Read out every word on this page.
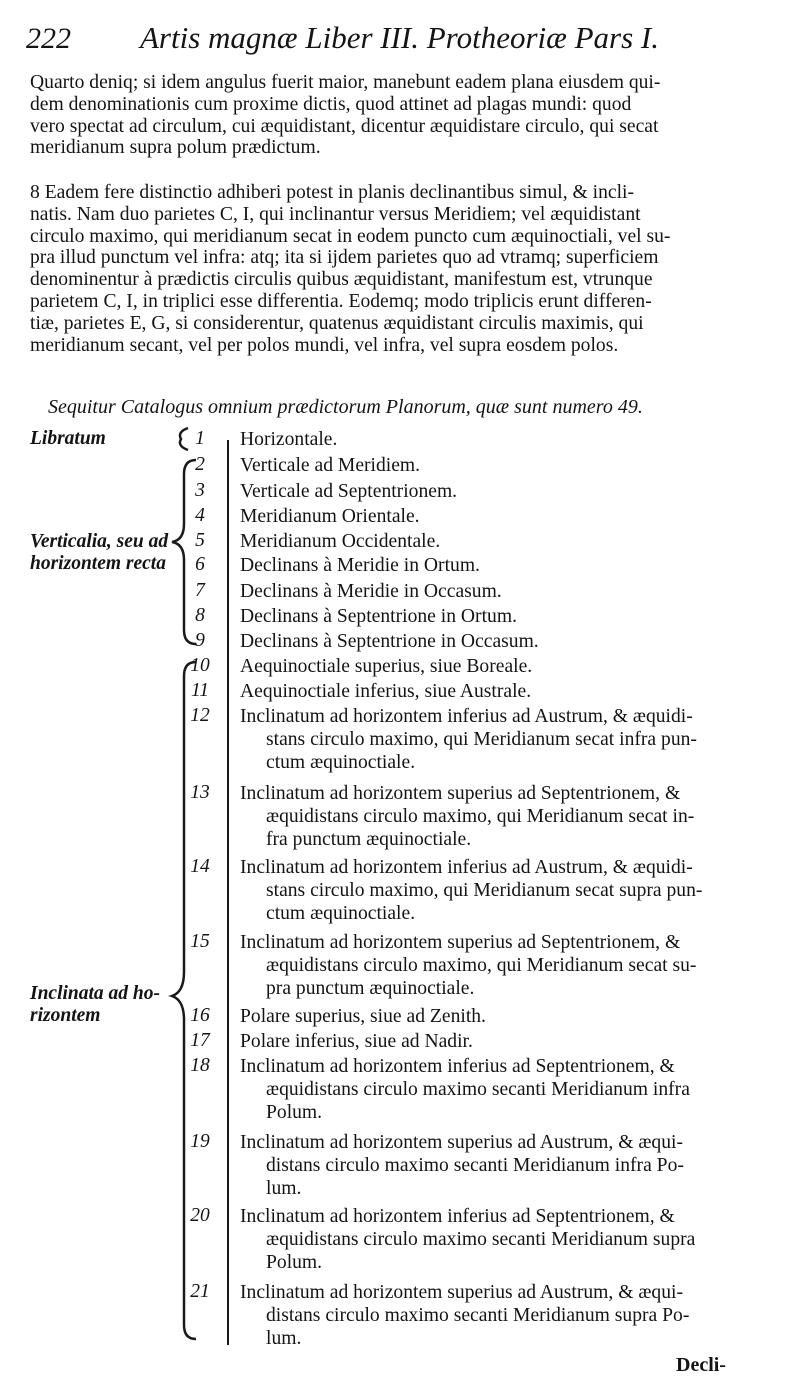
222 Artis magnæ Liber III. Protheoriæ Pars I.
Quarto deniq; si idem angulus fuerit maior, manebunt eadem plana eiusdem qui-
dem denominationis cum proxime dictis, quod attinet ad plagas mundi: quod
vero spectat ad circulum, cui æquidistant, dicentur æquidistare circulo, qui secat
meridianum supra polum prædictum.
8 Eadem fere distinctio adhiberi potest in planis declinantibus simul, & incli-
natis. Nam duo parietes C, I, qui inclinantur versus Meridiem; vel æquidistant
circulo maximo, qui meridianum secat in eodem puncto cum æquinoctiali, vel su-
pra illud punctum vel infra: atq; ita si ijdem parietes quo ad vtramq; superficiem
denominentur à prædictis circulis quibus æquidistant, manifestum est, vtrunque
parietem C, I, in triplici esse differentia. Eodemq; modo triplicis erunt differen-
tiæ, parietes E, G, si considerentur, quatenus æquidistant circulis maximis, qui
meridianum secant, vel per polos mundi, vel infra, vel supra eosdem polos.
Sequitur Catalogus omnium prædictorum Planorum, quæ sunt numero 49.
Libratum
Verticalia, seu ad
horizontem recta
Inclinata ad ho-
rizontem
1	Horizontale.
2	Verticale ad Meridiem.
3	Verticale ad Septentrionem.
4	Meridianum Orientale.
5	Meridianum Occidentale.
6	Declinans à Meridie in Ortum.
7	Declinans à Meridie in Occasum.
8	Declinans à Septentrione in Ortum.
9	Declinans à Septentrione in Occasum.
10	Aequinoctiale superius, siue Boreale.
11	Aequinoctiale inferius, siue Australe.
12	Inclinatum ad horizontem inferius ad Austrum, & æquidi-
stans circulo maximo, qui Meridianum secat infra pun-
ctum æquinoctiale.
13	Inclinatum ad horizontem superius ad Septentrionem, &
æquidistans circulo maximo, qui Meridianum secat in-
fra punctum æquinoctiale.
14	Inclinatum ad horizontem inferius ad Austrum, & æquidi-
stans circulo maximo, qui Meridianum secat supra pun-
ctum æquinoctiale.
15	Inclinatum ad horizontem superius ad Septentrionem, &
æquidistans circulo maximo, qui Meridianum secat su-
pra punctum æquinoctiale.
16	Polare superius, siue ad Zenith.
17	Polare inferius, siue ad Nadir.
18	Inclinatum ad horizontem inferius ad Septentrionem, &
æquidistans circulo maximo secanti Meridianum infra
Polum.
19	Inclinatum ad horizontem superius ad Austrum, & æqui-
distans circulo maximo secanti Meridianum infra Po-
lum.
20	Inclinatum ad horizontem inferius ad Septentrionem, &
æquidistans circulo maximo secanti Meridianum supra
Polum.
21	Inclinatum ad horizontem superius ad Austrum, & æqui-
distans circulo maximo secanti Meridianum supra Po-
lum.
Decli-
